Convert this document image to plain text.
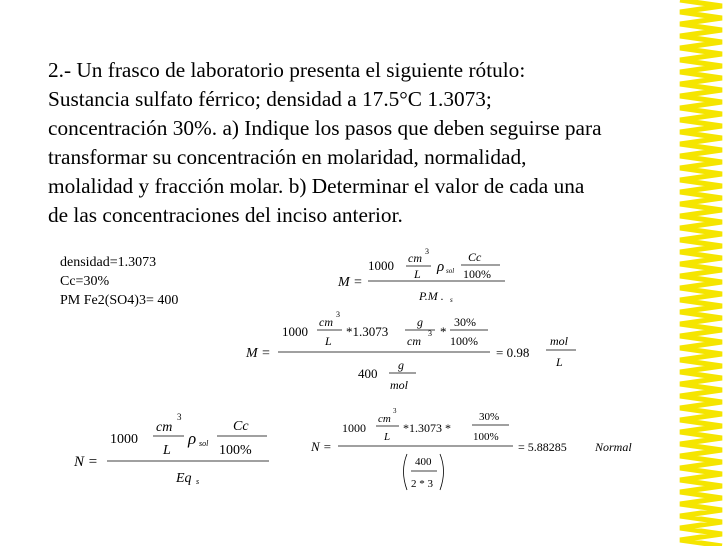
2.- Un frasco de laboratorio presenta el siguiente rótulo:
Sustancia sulfato férrico; densidad a 17.5°C 1.3073;
concentración 30%. a) Indique los pasos que deben seguirse para
transformar su concentración en molaridad, normalidad,
molalidad y fracción molar. b) Determinar el valor de cada una
de las concentraciones del inciso anterior.
densidad=1.3073
Cc=30%
PM Fe2(SO4)3= 400
M =
1000 cm 3
L ρ sol
Cc
100%
P.M . s
M =
1000
cm
3
L
*1.3073
g
cm
3 *
30%
100%
400
g
mol
= 0.98
mol
L
N =
1000
cm
3
L
ρ sol
Cc
100%
Eq s
N =
1000
cm
3
L
*1.3073 *
30%
100%
400
2 * 3
= 5.88285 Normal
